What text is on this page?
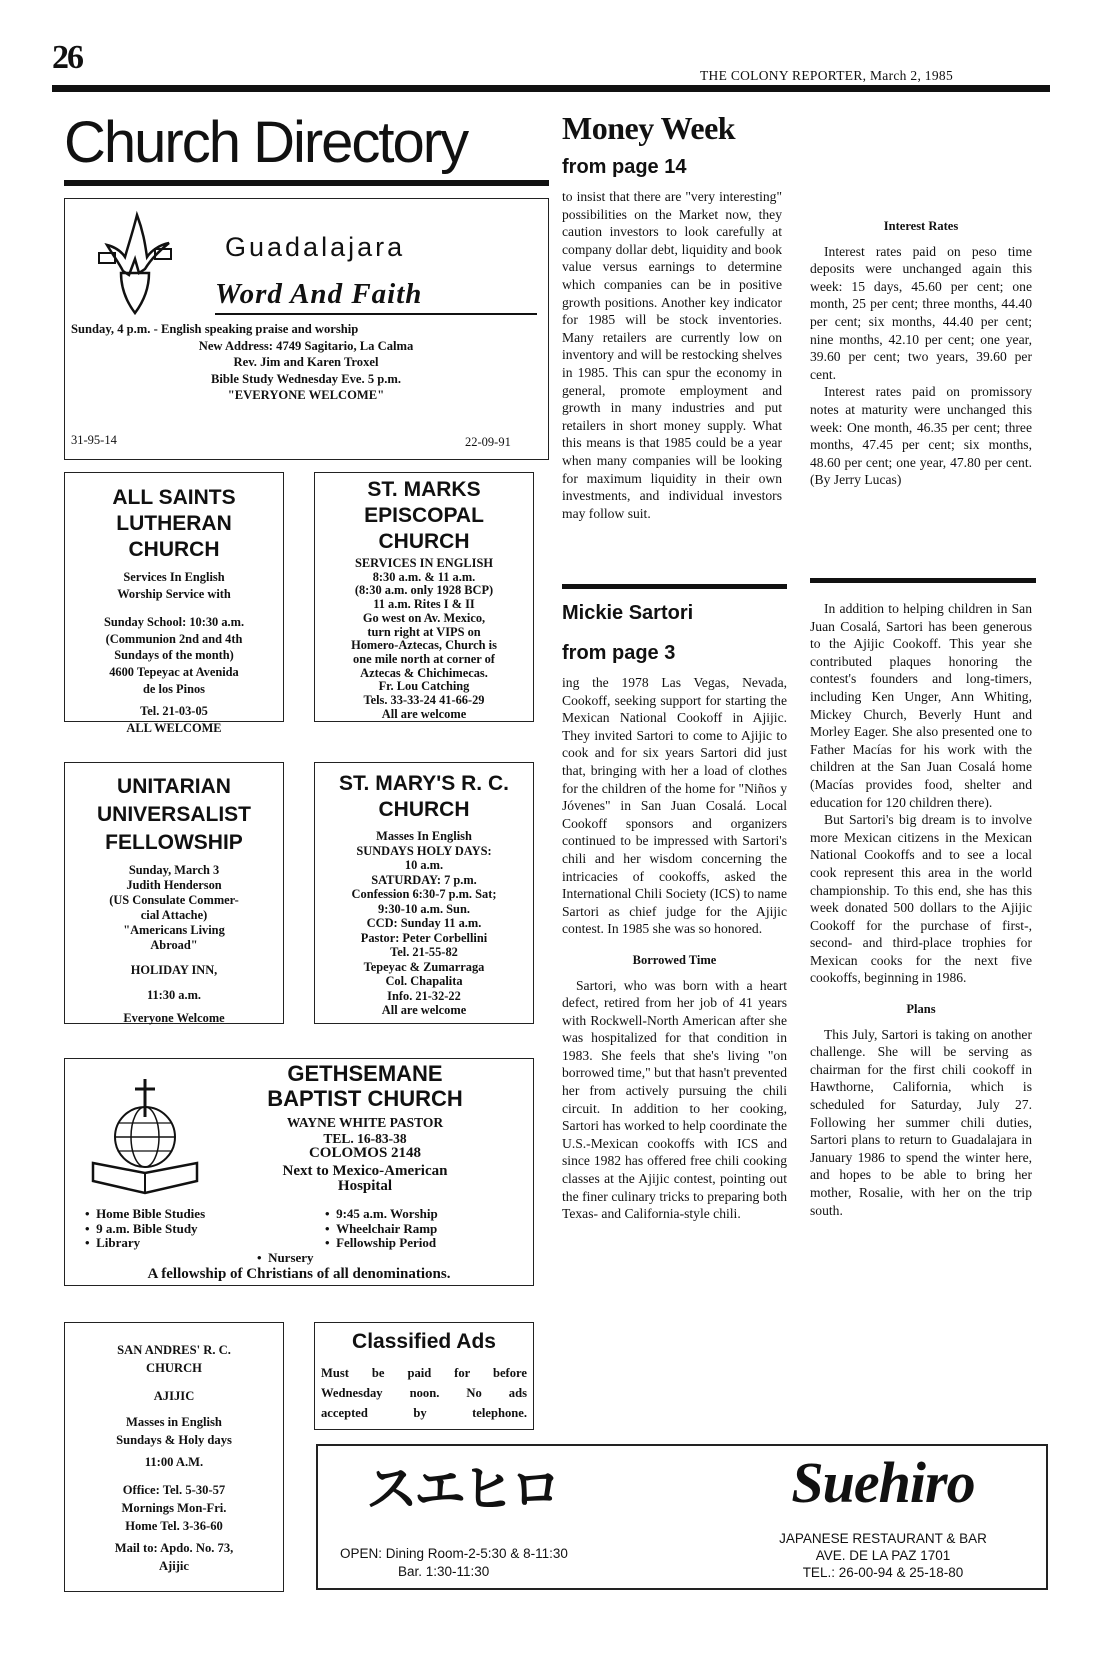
26	THE COLONY REPORTER, March 2, 1985
Church Directory
Guadalajara
Word And Faith
Sunday, 4 p.m. - English speaking praise and worship
New Address: 4749 Sagitario, La Calma
Rev. Jim and Karen Troxel
Bible Study Wednesday Eve. 5 p.m.
"EVERYONE WELCOME"
31-95-14	22-09-91
ALL SAINTS
LUTHERAN
CHURCH
Services In English
Worship Service with
Sunday School: 10:30 a.m.
(Communion 2nd and 4th
Sundays of the month)
4600 Tepeyac at Avenida
de los Pinos
Tel. 21-03-05
ALL WELCOME
ST. MARKS
EPISCOPAL
CHURCH
SERVICES IN ENGLISH
8:30 a.m. & 11 a.m.
(8:30 a.m. only 1928 BCP)
11 a.m. Rites I & II
Go west on Av. Mexico,
turn right at VIPS on
Homero-Aztecas, Church is
one mile north at corner of
Aztecas & Chichimecas.
Fr. Lou Catching
Tels. 33-33-24 41-66-29
All are welcome
UNITARIAN
UNIVERSALIST
FELLOWSHIP
Sunday, March 3
Judith Henderson
(US Consulate Commer-
cial Attache)
"Americans Living
Abroad"
HOLIDAY INN,
11:30 a.m.
Everyone Welcome
ST. MARY'S R. C.
CHURCH
Masses In English
SUNDAYS HOLY DAYS:
10 a.m.
SATURDAY: 7 p.m.
Confession 6:30-7 p.m. Sat;
9:30-10 a.m. Sun.
CCD: Sunday 11 a.m.
Pastor: Peter Corbellini
Tel. 21-55-82
Tepeyac & Zumarraga
Col. Chapalita
Info. 21-32-22
All are welcome
GETHSEMANE
BAPTIST CHURCH
WAYNE WHITE PASTOR
TEL. 16-83-38
COLOMOS 2148
Next to Mexico-American
Hospital
•  Home Bible Studies
•  9 a.m. Bible Study
•  Library
•  9:45 a.m. Worship
•  Wheelchair Ramp
•  Fellowship Period
•  Nursery
A fellowship of Christians of all denominations.
SAN ANDRES' R. C.
CHURCH
AJIJIC
Masses in English
Sundays & Holy days
11:00 A.M.
Office: Tel. 5-30-57
Mornings Mon-Fri.
Home Tel. 3-36-60
Mail to: Apdo. No. 73,
Ajijic
Classified Ads
Must be paid for before
Wednesday noon. No ads
accepted by telephone.
スエヒロ
OPEN: Dining Room-2-5:30 & 8-11:30
Bar. 1:30-11:30
Suehiro
JAPANESE RESTAURANT & BAR
AVE. DE LA PAZ 1701
TEL.: 26-00-94 & 25-18-80
Money Week
from page 14

to insist that there are "very interesting" possibilities on the Market now, they caution investors to look carefully at company dollar debt, liquidity and book value versus earnings to determine which companies can be in positive growth positions. Another key indicator for 1985 will be stock inventories. Many retailers are currently low on inventory and will be restocking shelves in 1985. This can spur the economy in general, promote employment and growth in many industries and put retailers in short money supply. What this means is that 1985 could be a year when many companies will be looking for maximum liquidity in their own investments, and individual investors may follow suit.

Interest Rates

Interest rates paid on peso time deposits were unchanged again this week: 15 days, 45.60 per cent; one month, 25 per cent; three months, 44.40 per cent; six months, 44.40 per cent; nine months, 42.10 per cent; one year, 39.60 per cent; two years, 39.60 per cent.

Interest rates paid on promissory notes at maturity were unchanged this week: One month, 46.35 per cent; three months, 47.45 per cent; six months, 48.60 per cent; one year, 47.80 per cent. (By Jerry Lucas)

Mickie Sartori
from page 3

ing the 1978 Las Vegas, Nevada, Cookoff, seeking support for starting the Mexican National Cookoff in Ajijic. They invited Sartori to come to Ajijic to cook and for six years Sartori did just that, bringing with her a load of clothes for the children of the home for "Niños y Jóvenes" in San Juan Cosalá. Local Cookoff sponsors and organizers continued to be impressed with Sartori's chili and her wisdom concerning the intricacies of cookoffs, asked the International Chili Society (ICS) to name Sartori as chief judge for the Ajijic contest. In 1985 she was so honored.

Borrowed Time

Sartori, who was born with a heart defect, retired from her job of 41 years with Rockwell-North American after she was hospitalized for that condition in 1983. She feels that she's living "on borrowed time," but that hasn't prevented her from actively pursuing the chili circuit. In addition to her cooking, Sartori has worked to help coordinate the U.S.-Mexican cookoffs with ICS and since 1982 has offered free chili cooking classes at the Ajijic contest, pointing out the finer culinary tricks to preparing both Texas- and California-style chili.

In addition to helping children in San Juan Cosalá, Sartori has been generous to the Ajijic Cookoff. This year she contributed plaques honoring the contest's founders and long-timers, including Ken Unger, Ann Whiting, Mickey Church, Beverly Hunt and Morley Eager. She also presented one to Father Macías for his work with the children at the San Juan Cosalá home (Macías provides food, shelter and education for 120 children there).

But Sartori's big dream is to involve more Mexican citizens in the Mexican National Cookoffs and to see a local cook represent this area in the world championship. To this end, she has this week donated 500 dollars to the Ajijic Cookoff for the purchase of first-, second- and third-place trophies for Mexican cooks for the next five cookoffs, beginning in 1986.

Plans

This July, Sartori is taking on another challenge. She will be serving as chairman for the first chili cookoff in Hawthorne, California, which is scheduled for Saturday, July 27. Following her summer chili duties, Sartori plans to return to Guadalajara in January 1986 to spend the winter here, and hopes to be able to bring her mother, Rosalie, with her on the trip south.
